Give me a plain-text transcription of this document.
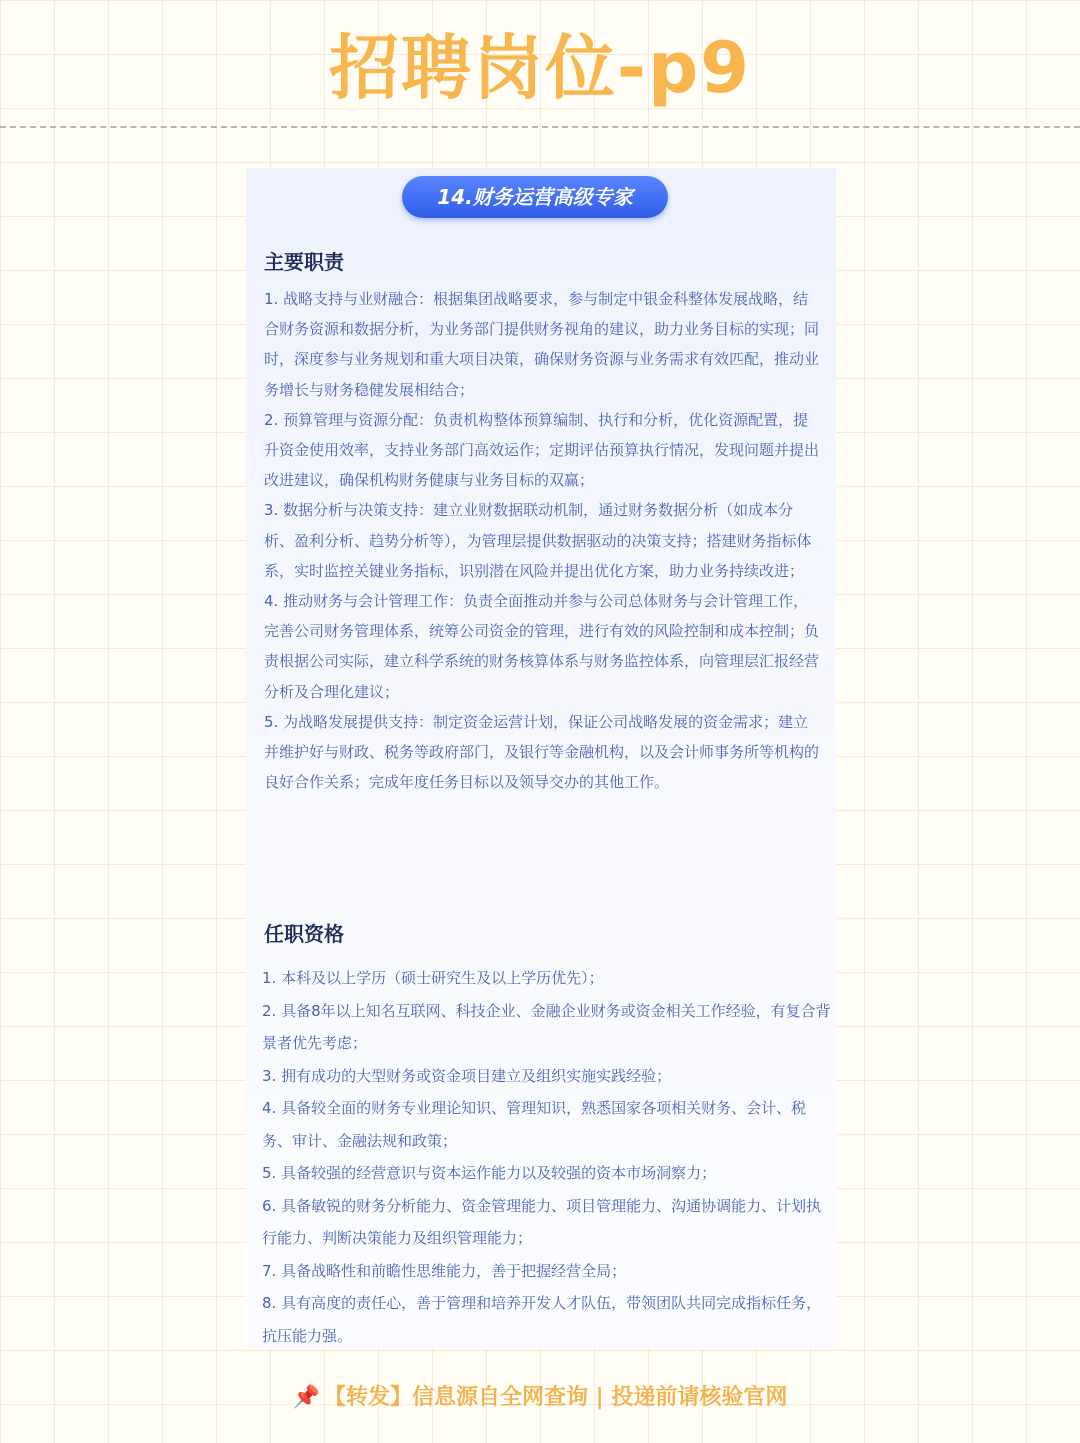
招聘岗位-p9
14.财务运营高级专家
主要职责

1. 战略支持与业财融合：根据集团战略要求，参与制定中银金科整体发展战略，结合财务资源和数据分析，为业务部门提供财务视角的建议，助力业务目标的实现；同时，深度参与业务规划和重大项目决策，确保财务资源与业务需求有效匹配，推动业务增长与财务稳健发展相结合；

2. 预算管理与资源分配：负责机构整体预算编制、执行和分析，优化资源配置，提升资金使用效率，支持业务部门高效运作；定期评估预算执行情况，发现问题并提出改进建议，确保机构财务健康与业务目标的双赢；

3. 数据分析与决策支持：建立业财数据联动机制，通过财务数据分析（如成本分析、盈利分析、趋势分析等），为管理层提供数据驱动的决策支持；搭建财务指标体系，实时监控关键业务指标，识别潜在风险并提出优化方案，助力业务持续改进；

4. 推动财务与会计管理工作：负责全面推动并参与公司总体财务与会计管理工作，完善公司财务管理体系，统筹公司资金的管理，进行有效的风险控制和成本控制；负责根据公司实际，建立科学系统的财务核算体系与财务监控体系，向管理层汇报经营分析及合理化建议；

5. 为战略发展提供支持：制定资金运营计划，保证公司战略发展的资金需求；建立并维护好与财政、税务等政府部门，及银行等金融机构，以及会计师事务所等机构的良好合作关系；完成年度任务目标以及领导交办的其他工作。

任职资格

1. 本科及以上学历（硕士研究生及以上学历优先）；

2. 具备8年以上知名互联网、科技企业、金融企业财务或资金相关工作经验，有复合背景者优先考虑；

3. 拥有成功的大型财务或资金项目建立及组织实施实践经验；

4. 具备较全面的财务专业理论知识、管理知识，熟悉国家各项相关财务、会计、税务、审计、金融法规和政策；

5. 具备较强的经营意识与资本运作能力以及较强的资本市场洞察力；

6. 具备敏锐的财务分析能力、资金管理能力、项目管理能力、沟通协调能力、计划执行能力、判断决策能力及组织管理能力；

7. 具备战略性和前瞻性思维能力，善于把握经营全局；

8. 具有高度的责任心，善于管理和培养开发人才队伍，带领团队共同完成指标任务，抗压能力强。

📌 【转发】信息源自全网查询 | 投递前请核验官网
